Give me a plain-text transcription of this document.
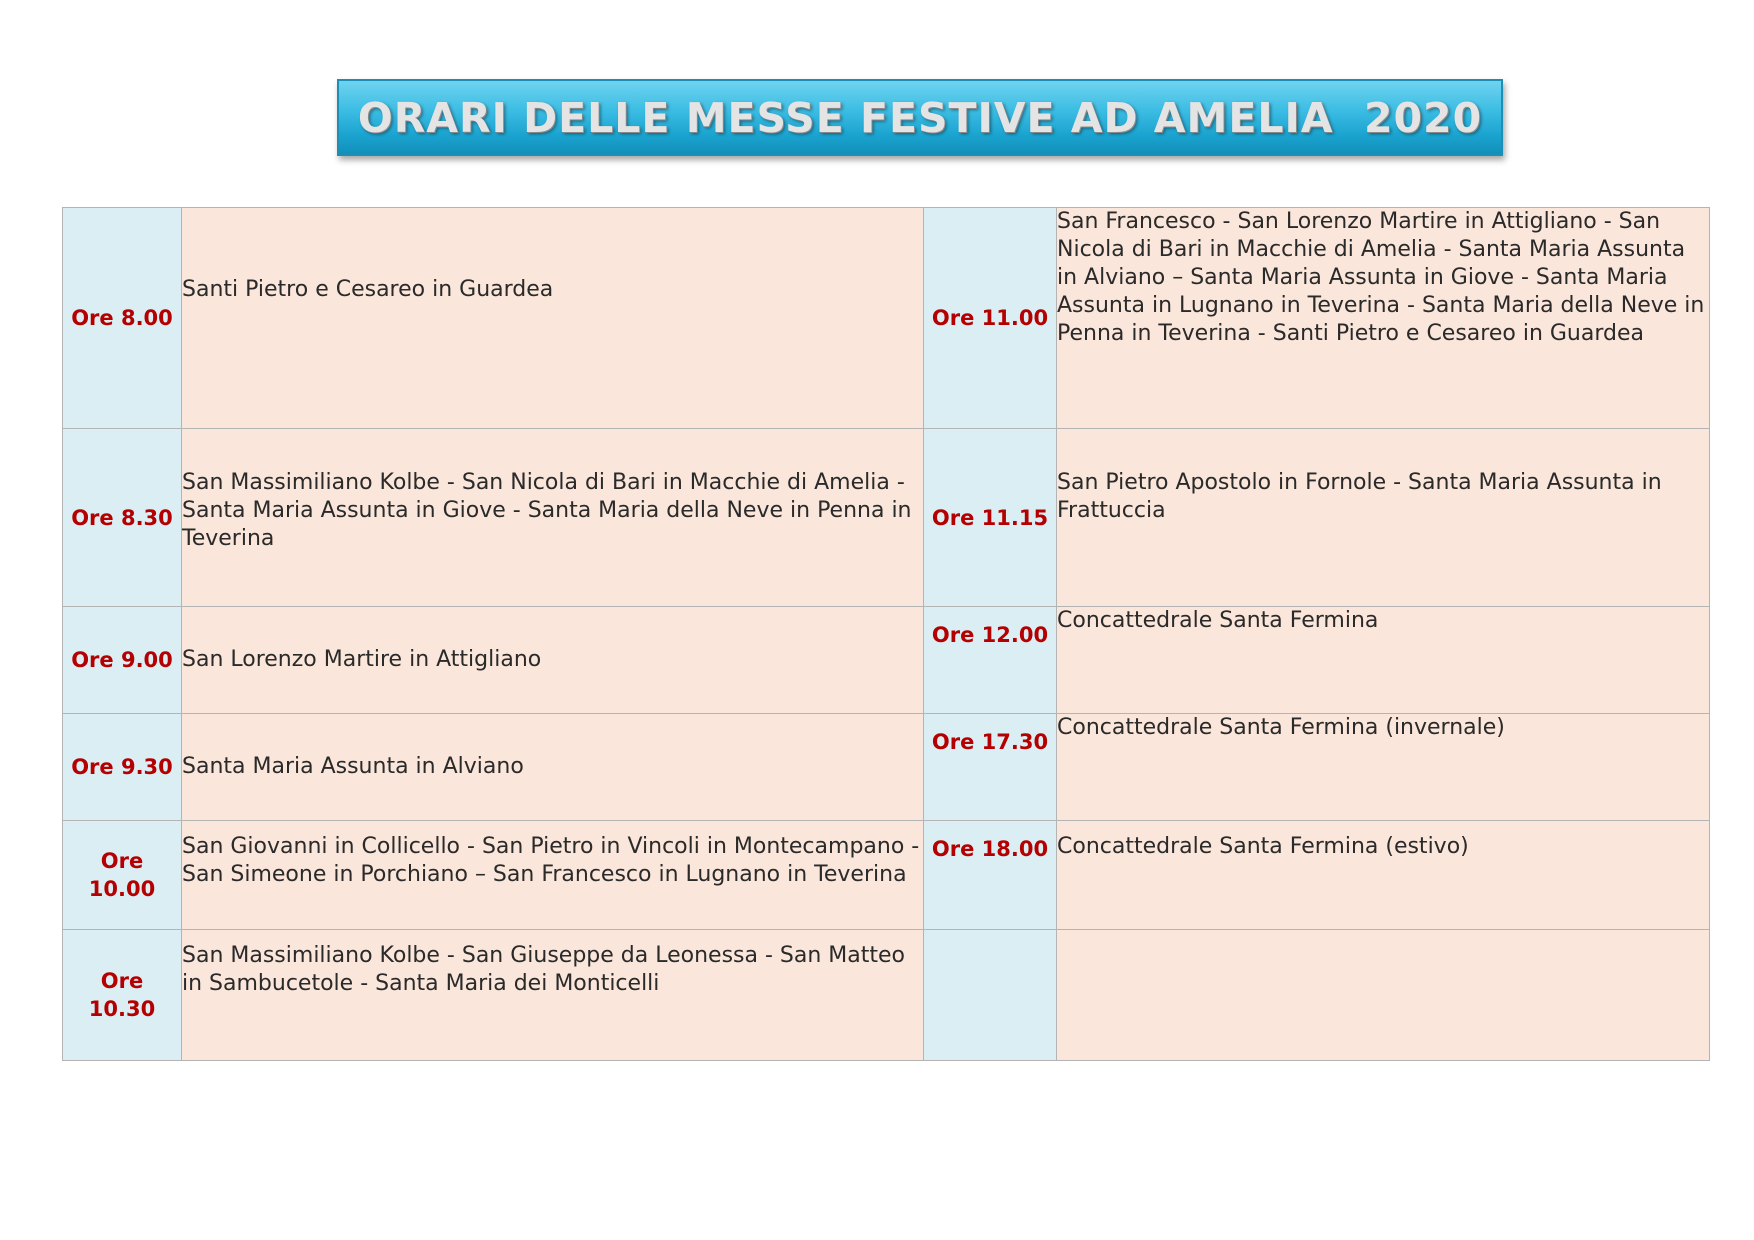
ORARI DELLE MESSE FESTIVE AD AMELIA  2020
Ore 8.00	Santi Pietro e Cesareo in Guardea	Ore 11.00	San Francesco - San Lorenzo Martire in Attigliano - San Nicola di Bari in Macchie di Amelia - Santa Maria Assunta in Alviano – Santa Maria Assunta in Giove - Santa Maria Assunta in Lugnano in Teverina - Santa Maria della Neve in Penna in Teverina - Santi Pietro e Cesareo in Guardea
Ore 8.30	San Massimiliano Kolbe - San Nicola di Bari in Macchie di Amelia - Santa Maria Assunta in Giove - Santa Maria della Neve in Penna in Teverina	Ore 11.15	San Pietro Apostolo in Fornole - Santa Maria Assunta in Frattuccia
Ore 9.00	San Lorenzo Martire in Attigliano	Ore 12.00	Concattedrale Santa Fermina
Ore 9.30	Santa Maria Assunta in Alviano	Ore 17.30	Concattedrale Santa Fermina (invernale)
Ore 10.00	San Giovanni in Collicello - San Pietro in Vincoli in Montecampano - San Simeone in Porchiano – San Francesco in Lugnano in Teverina	Ore 18.00	Concattedrale Santa Fermina (estivo)
Ore 10.30	San Massimiliano Kolbe - San Giuseppe da Leonessa - San Matteo in Sambucetole - Santa Maria dei Monticelli		
